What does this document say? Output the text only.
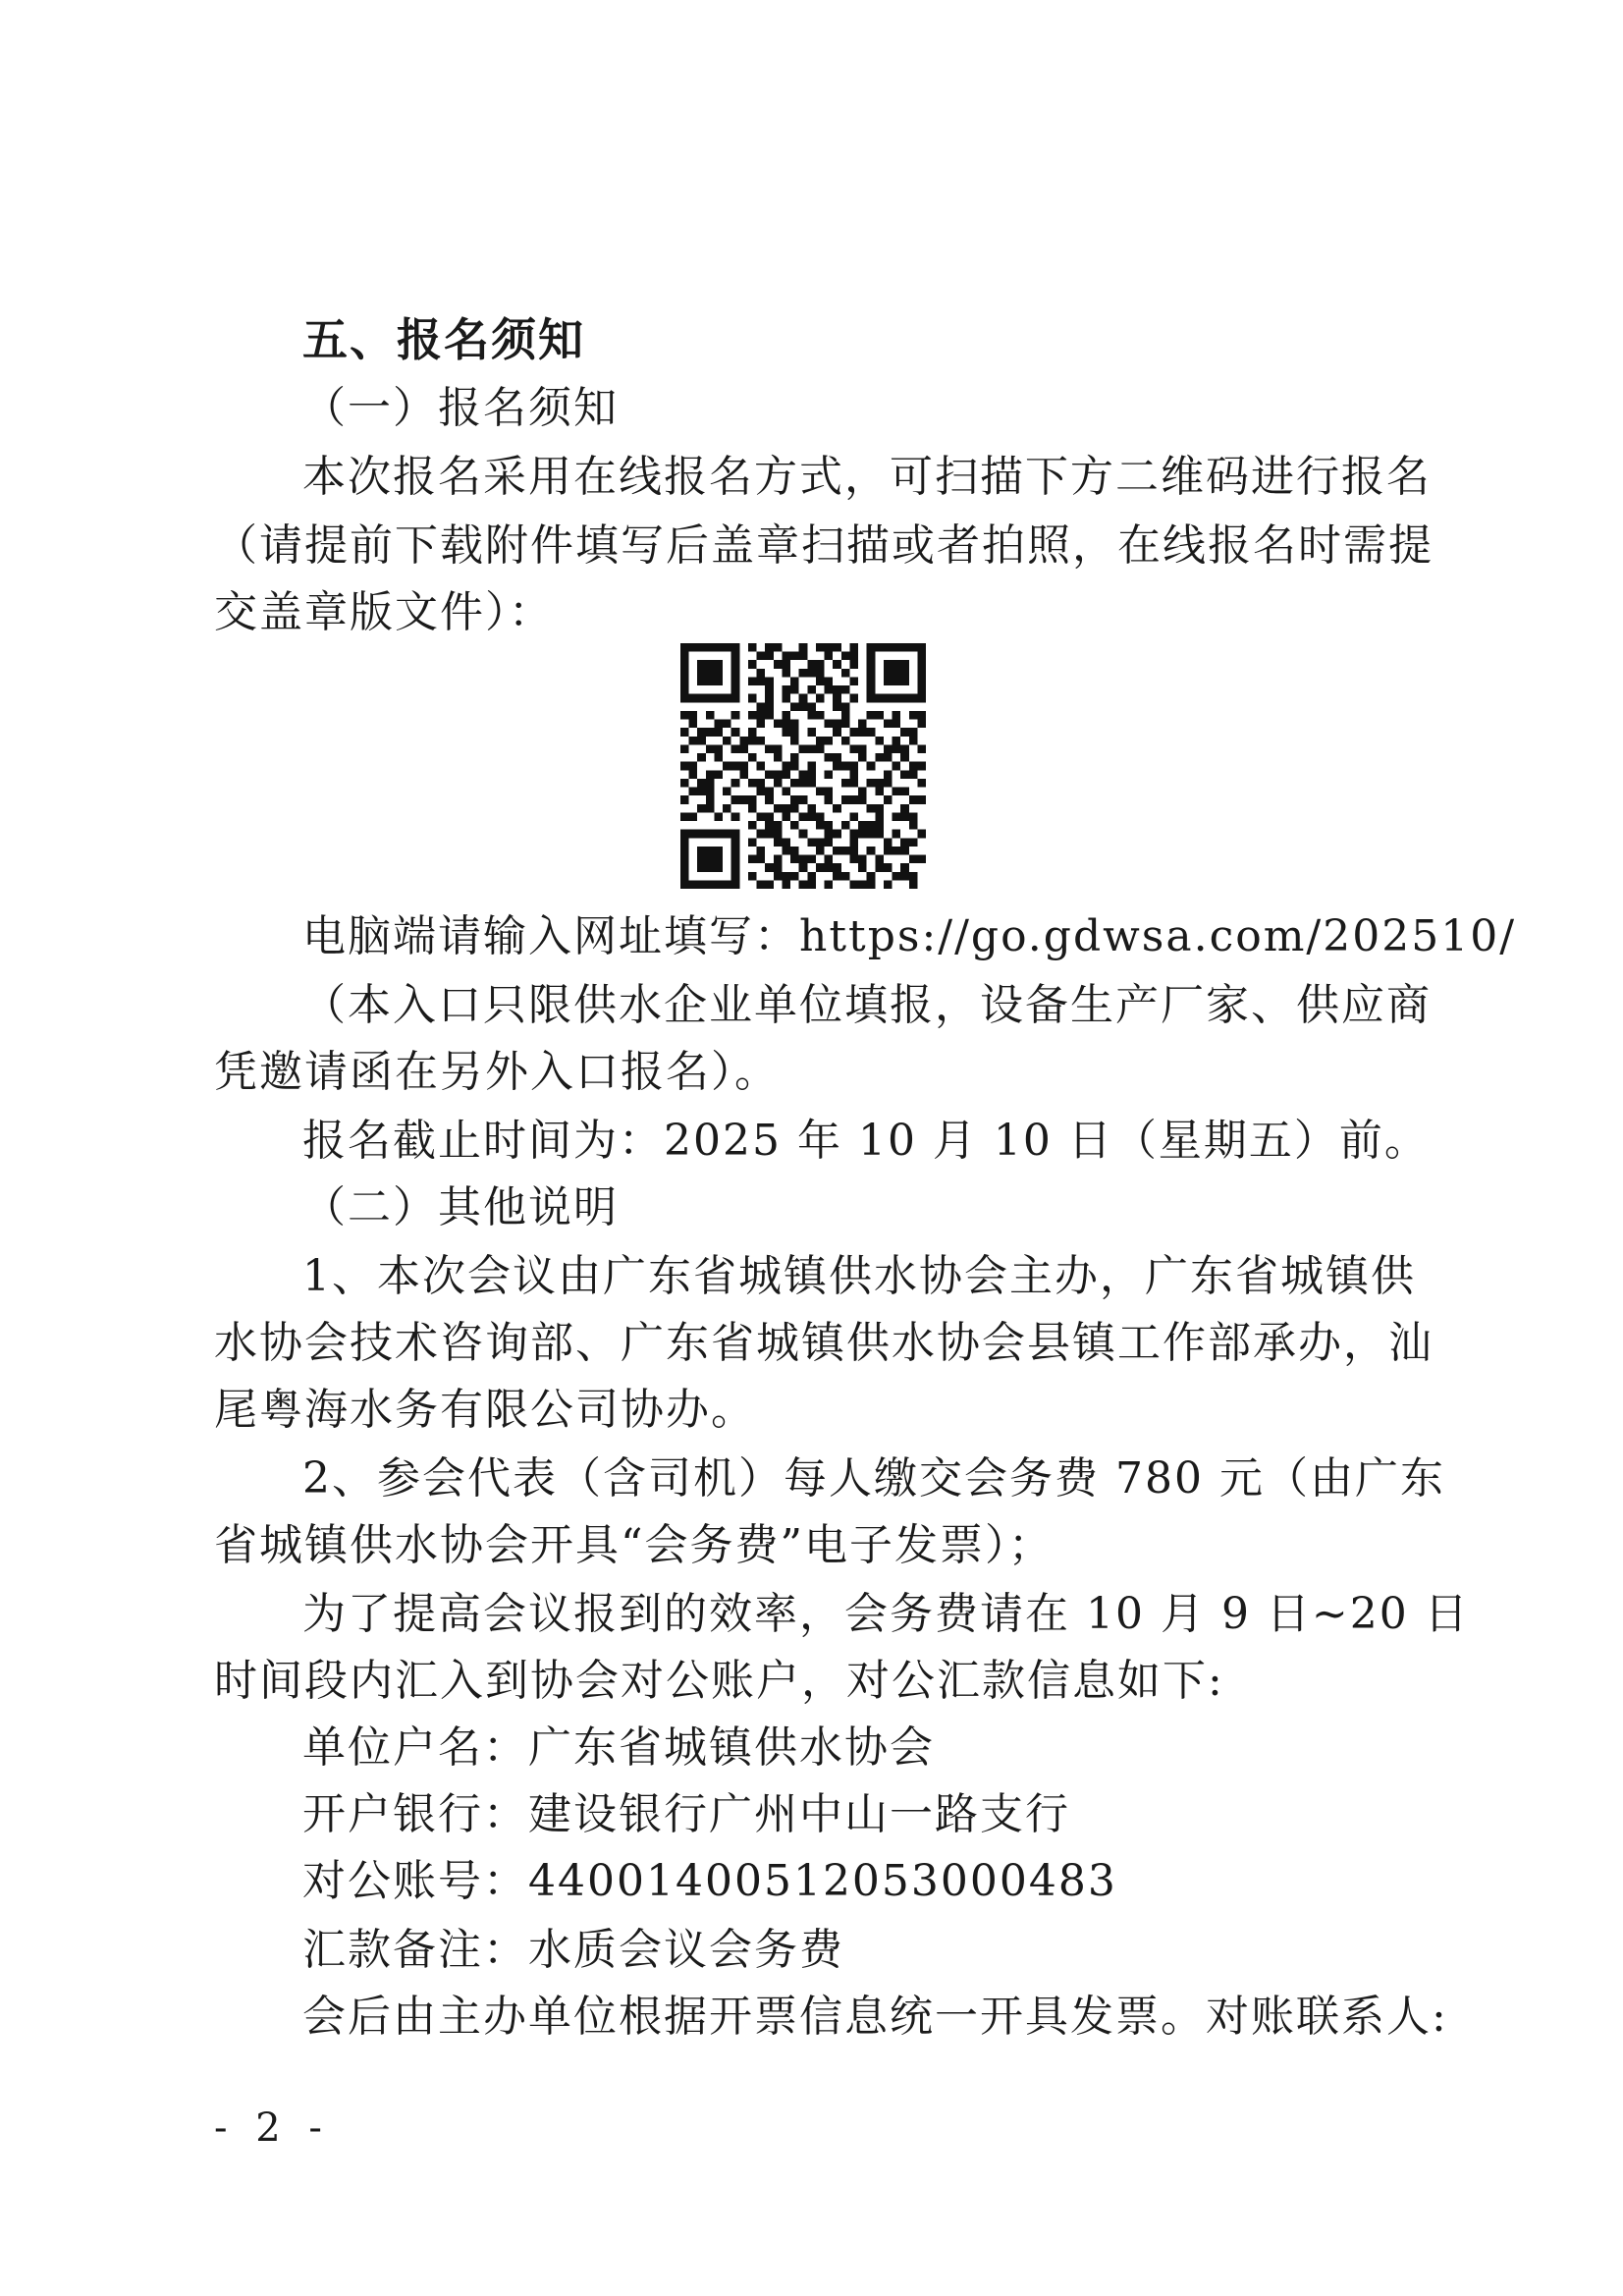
五、报名须知
（一）报名须知
本次报名采用在线报名方式，可扫描下方二维码进行报名
（请提前下载附件填写后盖章扫描或者拍照，在线报名时需提
交盖章版文件）：
电脑端请输入网址填写：https://go.gdwsa.com/202510/
（本入口只限供水企业单位填报，设备生产厂家、供应商
凭邀请函在另外入口报名）。
报名截止时间为：2025 年 10 月 10 日（星期五）前。
（二）其他说明
1、本次会议由广东省城镇供水协会主办，广东省城镇供
水协会技术咨询部、广东省城镇供水协会县镇工作部承办，汕
尾粤海水务有限公司协办。
2、参会代表（含司机）每人缴交会务费 780 元（由广东
省城镇供水协会开具“会务费”电子发票）；
为了提高会议报到的效率，会务费请在 10 月 9 日~20 日
时间段内汇入到协会对公账户，对公汇款信息如下:
单位户名：广东省城镇供水协会
开户银行：建设银行广州中山一路支行
对公账号：44001400512053000483
汇款备注：水质会议会务费
会后由主办单位根据开票信息统一开具发票。对账联系人:
- 2 -
